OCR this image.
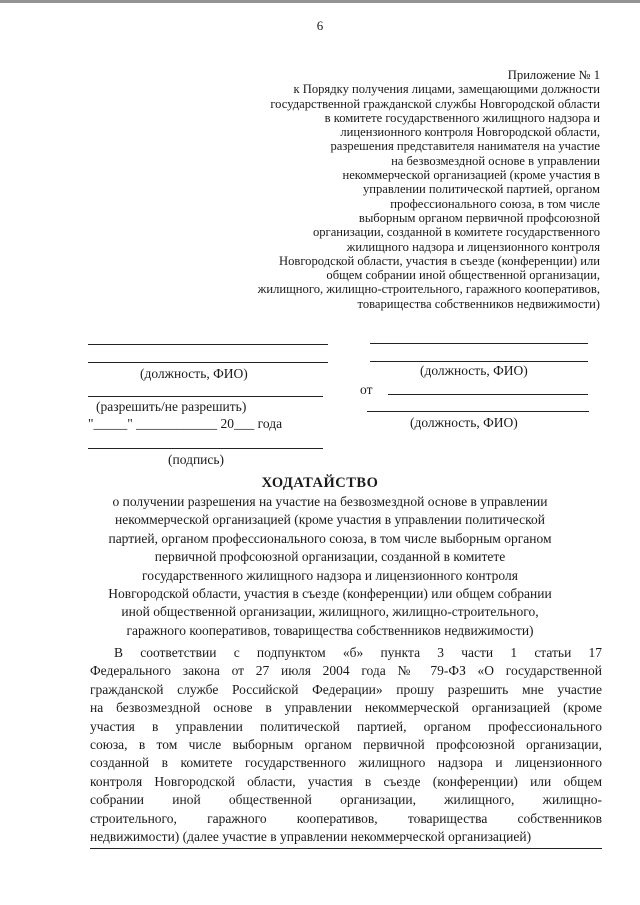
6
Приложение № 1
к Порядку получения лицами, замещающими должности
государственной гражданской службы Новгородской области
в комитете государственного жилищного надзора и
лицензионного контроля Новгородской области,
разрешения представителя нанимателя на участие
на безвозмездной основе в управлении
некоммерческой организацией (кроме участия в
управлении политической партией, органом
профессионального союза, в том числе
выборным органом первичной профсоюзной
организации, созданной в комитете государственного
жилищного надзора и лицензионного контроля
Новгородской области, участия в съезде (конференции) или
общем собрании иной общественной организации,
жилищного, жилищно-строительного, гаражного кооперативов,
товарищества собственников недвижимости)
(должность, ФИО)
(разрешить/не разрешить)
"_____" ____________ 20___ года
(подпись)
(должность, ФИО)
от
(должность, ФИО)
ХОДАТАЙСТВО
о получении разрешения на участие на безвозмездной основе в управлении
некоммерческой организацией (кроме участия в управлении политической
партией, органом профессионального союза, в том числе выборным органом
первичной профсоюзной организации, созданной в комитете
государственного жилищного надзора и лицензионного контроля
Новгородской области, участия в съезде (конференции) или общем собрании
иной общественной организации, жилищного, жилищно-строительного,
гаражного кооперативов, товарищества собственников недвижимости)
В соответствии с подпунктом «б» пункта 3 части 1 статьи 17
Федерального закона от 27 июля 2004 года № 79-ФЗ «О государственной
гражданской службе Российской Федерации» прошу разрешить мне участие
на безвозмездной основе в управлении некоммерческой организацией (кроме
участия в управлении политической партией, органом профессионального
союза, в том числе выборным органом первичной профсоюзной организации,
созданной в комитете государственного жилищного надзора и лицензионного
контроля Новгородской области, участия в съезде (конференции) или общем
собрании иной общественной организации, жилищного, жилищно-
строительного, гаражного кооперативов, товарищества собственников
недвижимости) (далее участие в управлении некоммерческой организацией)
